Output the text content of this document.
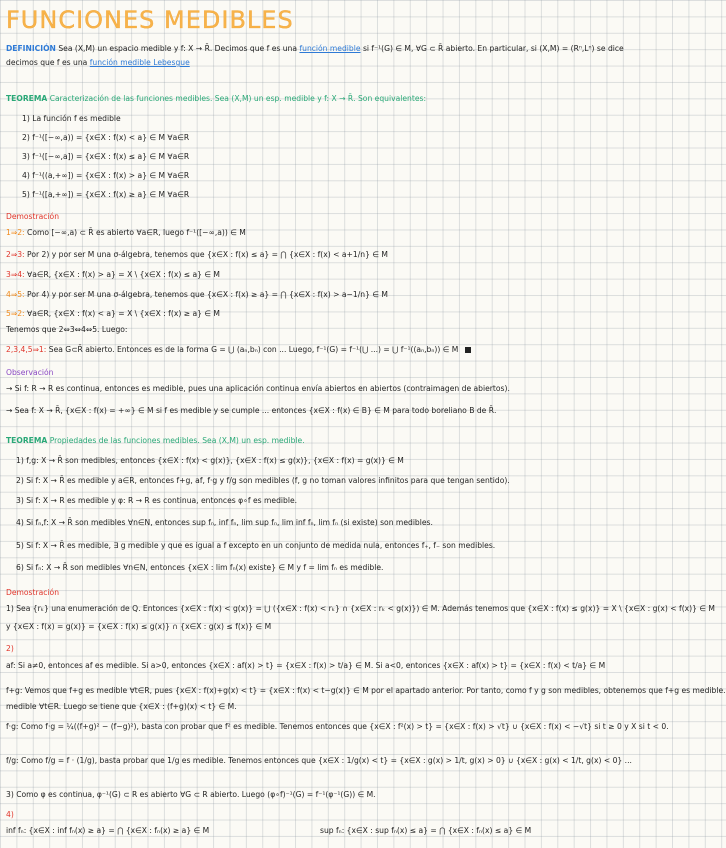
FUNCIONES MEDIBLES
DEFINICIÓN Sea (X,M) un espacio medible y f: X → R̄. Decimos que f es una función medible si f⁻¹(G) ∈ M, ∀G ⊂ R̄ abierto. En particular, si (X,M) = (Rⁿ,Lⁿ) se dice
decimos que f es una función medible Lebesgue
TEOREMA Caracterización de las funciones medibles. Sea (X,M) un esp. medible y f: X → R̄. Son equivalentes:
1) La función f es medible
2) f⁻¹([−∞,a)) = {x∈X : f(x) < a} ∈ M ∀a∈R
3) f⁻¹([−∞,a]) = {x∈X : f(x) ≤ a} ∈ M ∀a∈R
4) f⁻¹((a,+∞]) = {x∈X : f(x) > a} ∈ M ∀a∈R
5) f⁻¹([a,+∞]) = {x∈X : f(x) ≥ a} ∈ M ∀a∈R
Demostración
1⇒2: Como [−∞,a) ⊂ R̄ es abierto ∀a∈R, luego f⁻¹([−∞,a)) ∈ M
2⇒3: Por 2) y por ser M una σ-álgebra, tenemos que {x∈X : f(x) ≤ a} = ⋂ {x∈X : f(x) < a+1/n} ∈ M
3⇒4: ∀a∈R, {x∈X : f(x) > a} = X \ {x∈X : f(x) ≤ a} ∈ M
4⇒5: Por 4) y por ser M una σ-álgebra, tenemos que {x∈X : f(x) ≥ a} = ⋂ {x∈X : f(x) > a−1/n} ∈ M
5⇒2: ∀a∈R, {x∈X : f(x) < a} = X \ {x∈X : f(x) ≥ a} ∈ M
Tenemos que 2⇔3⇔4⇔5. Luego:
2,3,4,5⇒1: Sea G⊂R̄ abierto. Entonces es de la forma G = ⋃ (aₙ,bₙ) con ... Luego, f⁻¹(G) = f⁻¹(⋃ ...) = ⋃ f⁻¹((aₙ,bₙ)) ∈ M
Observación
→ Si f: R → R es continua, entonces es medible, pues una aplicación continua envía abiertos en abiertos (contraimagen de abiertos).
→ Sea f: X → R̄, {x∈X : f(x) = +∞} ∈ M si f es medible y se cumple ... entonces {x∈X : f(x) ∈ B} ∈ M para todo boreliano B de R̄.
TEOREMA Propiedades de las funciones medibles. Sea (X,M) un esp. medible.
1) f,g: X → R̄ son medibles, entonces {x∈X : f(x) < g(x)}, {x∈X : f(x) ≤ g(x)}, {x∈X : f(x) = g(x)} ∈ M
2) Si f: X → R̄ es medible y a∈R, entonces f+g, af, f·g y f/g son medibles (f, g no toman valores infinitos para que tengan sentido).
3) Si f: X → R es medible y φ: R → R es continua, entonces φ∘f es medible.
4) Si fₙ,f: X → R̄ son medibles ∀n∈N, entonces sup fₙ, inf fₙ, lim sup fₙ, lim inf fₙ, lim fₙ (si existe) son medibles.
5) Si f: X → R̄ es medible, ∃ g medible y que es igual a f excepto en un conjunto de medida nula, entonces f₊, f₋ son medibles.
6) Si fₙ: X → R̄ son medibles ∀n∈N, entonces {x∈X : lim fₙ(x) existe} ∈ M y f = lim fₙ es medible.
Demostración
1) Sea {rₖ} una enumeración de Q. Entonces {x∈X : f(x) < g(x)} = ⋃ ({x∈X : f(x) < rₖ} ∩ {x∈X : rₖ < g(x)}) ∈ M. Además tenemos que {x∈X : f(x) ≤ g(x)} = X \ {x∈X : g(x) < f(x)} ∈ M
y {x∈X : f(x) = g(x)} = {x∈X : f(x) ≤ g(x)} ∩ {x∈X : g(x) ≤ f(x)} ∈ M
2)
af: Si a≠0, entonces af es medible. Si a>0, entonces {x∈X : af(x) > t} = {x∈X : f(x) > t/a} ∈ M. Si a<0, entonces {x∈X : af(x) > t} = {x∈X : f(x) < t/a} ∈ M
f+g: Vemos que f+g es medible ∀t∈R, pues {x∈X : f(x)+g(x) < t} = {x∈X : f(x) < t−g(x)} ∈ M por el apartado anterior. Por tanto, como f y g son medibles, obtenemos que f+g es medible.
medible ∀t∈R. Luego se tiene que {x∈X : (f+g)(x) < t} ∈ M.
f·g: Como f·g = ¼((f+g)² − (f−g)²), basta con probar que f² es medible. Tenemos entonces que {x∈X : f²(x) > t} = {x∈X : f(x) > √t} ∪ {x∈X : f(x) < −√t} si t ≥ 0 y X si t < 0.
f/g: Como f/g = f · (1/g), basta probar que 1/g es medible. Tenemos entonces que {x∈X : 1/g(x) < t} = {x∈X : g(x) > 1/t, g(x) > 0} ∪ {x∈X : g(x) < 1/t, g(x) < 0} ...
3) Como φ es continua, φ⁻¹(G) ⊂ R es abierto ∀G ⊂ R abierto. Luego (φ∘f)⁻¹(G) = f⁻¹(φ⁻¹(G)) ∈ M.
4)
inf fₙ: {x∈X : inf fₙ(x) ≥ a} = ⋂ {x∈X : fₙ(x) ≥ a} ∈ M	sup fₙ: {x∈X : sup fₙ(x) ≤ a} = ⋂ {x∈X : fₙ(x) ≤ a} ∈ M
